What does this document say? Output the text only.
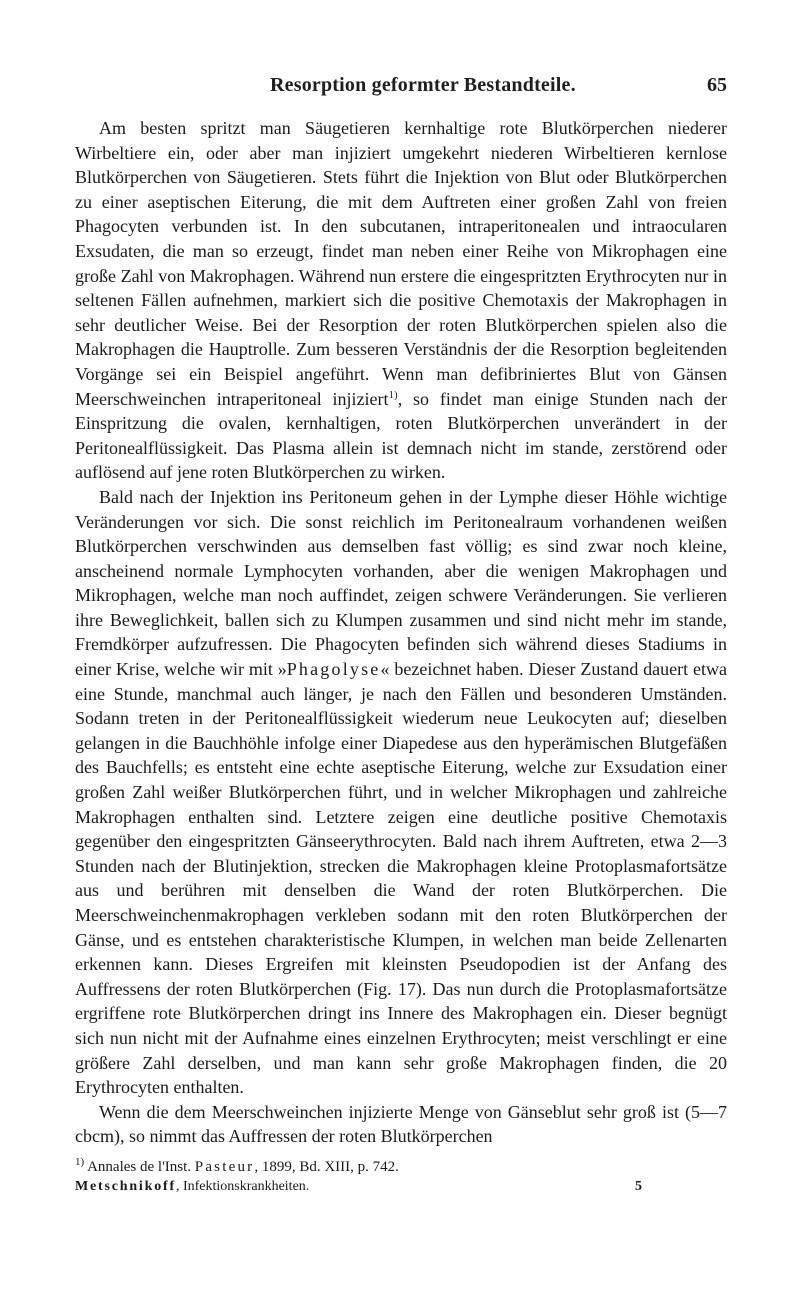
Resorption geformter Bestandteile.	65

Am besten spritzt man Säugetieren kernhaltige rote Blutkörperchen niederer Wirbeltiere ein, oder aber man injiziert umgekehrt niederen Wirbeltieren kernlose Blutkörperchen von Säugetieren. Stets führt die Injektion von Blut oder Blutkörperchen zu einer aseptischen Eiterung, die mit dem Auftreten einer großen Zahl von freien Phagocyten verbunden ist. In den subcutanen, intraperitonealen und intraocularen Exsudaten, die man so erzeugt, findet man neben einer Reihe von Mikrophagen eine große Zahl von Makrophagen. Während nun erstere die eingespritzten Erythrocyten nur in seltenen Fällen aufnehmen, markiert sich die positive Chemotaxis der Makrophagen in sehr deutlicher Weise. Bei der Resorption der roten Blutkörperchen spielen also die Makrophagen die Hauptrolle. Zum besseren Verständnis der die Resorption begleitenden Vorgänge sei ein Beispiel angeführt. Wenn man defibriniertes Blut von Gänsen Meerschweinchen intraperitoneal injiziert$^{1)}$, so findet man einige Stunden nach der Einspritzung die ovalen, kernhaltigen, roten Blutkörperchen unverändert in der Peritonealflüssigkeit. Das Plasma allein ist demnach nicht im stande, zerstörend oder auflösend auf jene roten Blutkörperchen zu wirken.

Bald nach der Injektion ins Peritoneum gehen in der Lymphe dieser Höhle wichtige Veränderungen vor sich. Die sonst reichlich im Peritonealraum vorhandenen weißen Blutkörperchen verschwinden aus demselben fast völlig; es sind zwar noch kleine, anscheinend normale Lymphocyten vorhanden, aber die wenigen Makrophagen und Mikrophagen, welche man noch auffindet, zeigen schwere Veränderungen. Sie verlieren ihre Beweglichkeit, ballen sich zu Klumpen zusammen und sind nicht mehr im stande, Fremdkörper aufzufressen. Die Phagocyten befinden sich während dieses Stadiums in einer Krise, welche wir mit »Phagolyse« bezeichnet haben. Dieser Zustand dauert etwa eine Stunde, manchmal auch länger, je nach den Fällen und besonderen Umständen. Sodann treten in der Peritonealflüssigkeit wiederum neue Leukocyten auf; dieselben gelangen in die Bauchhöhle infolge einer Diapedese aus den hyperämischen Blutgefäßen des Bauchfells; es entsteht eine echte aseptische Eiterung, welche zur Exsudation einer großen Zahl weißer Blutkörperchen führt, und in welcher Mikrophagen und zahlreiche Makrophagen enthalten sind. Letztere zeigen eine deutliche positive Chemotaxis gegenüber den eingespritzten Gänseerythrocyten. Bald nach ihrem Auftreten, etwa 2—3 Stunden nach der Blutinjektion, strecken die Makrophagen kleine Protoplasmafortsätze aus und berühren mit denselben die Wand der roten Blutkörperchen. Die Meerschweinchenmakrophagen verkleben sodann mit den roten Blutkörperchen der Gänse, und es entstehen charakteristische Klumpen, in welchen man beide Zellenarten erkennen kann. Dieses Ergreifen mit kleinsten Pseudopodien ist der Anfang des Auffressens der roten Blutkörperchen (Fig. 17). Das nun durch die Protoplasmafortsätze ergriffene rote Blutkörperchen dringt ins Innere des Makrophagen ein. Dieser begnügt sich nun nicht mit der Aufnahme eines einzelnen Erythrocyten; meist verschlingt er eine größere Zahl derselben, und man kann sehr große Makrophagen finden, die 20 Erythrocyten enthalten.

Wenn die dem Meerschweinchen injizierte Menge von Gänseblut sehr groß ist (5—7 cbcm), so nimmt das Auffressen der roten Blutkörperchen

$^{1)}$ Annales de l'Inst. Pasteur, 1899, Bd. XIII, p. 742.

Metschnikoff, Infektionskrankheiten.	5
